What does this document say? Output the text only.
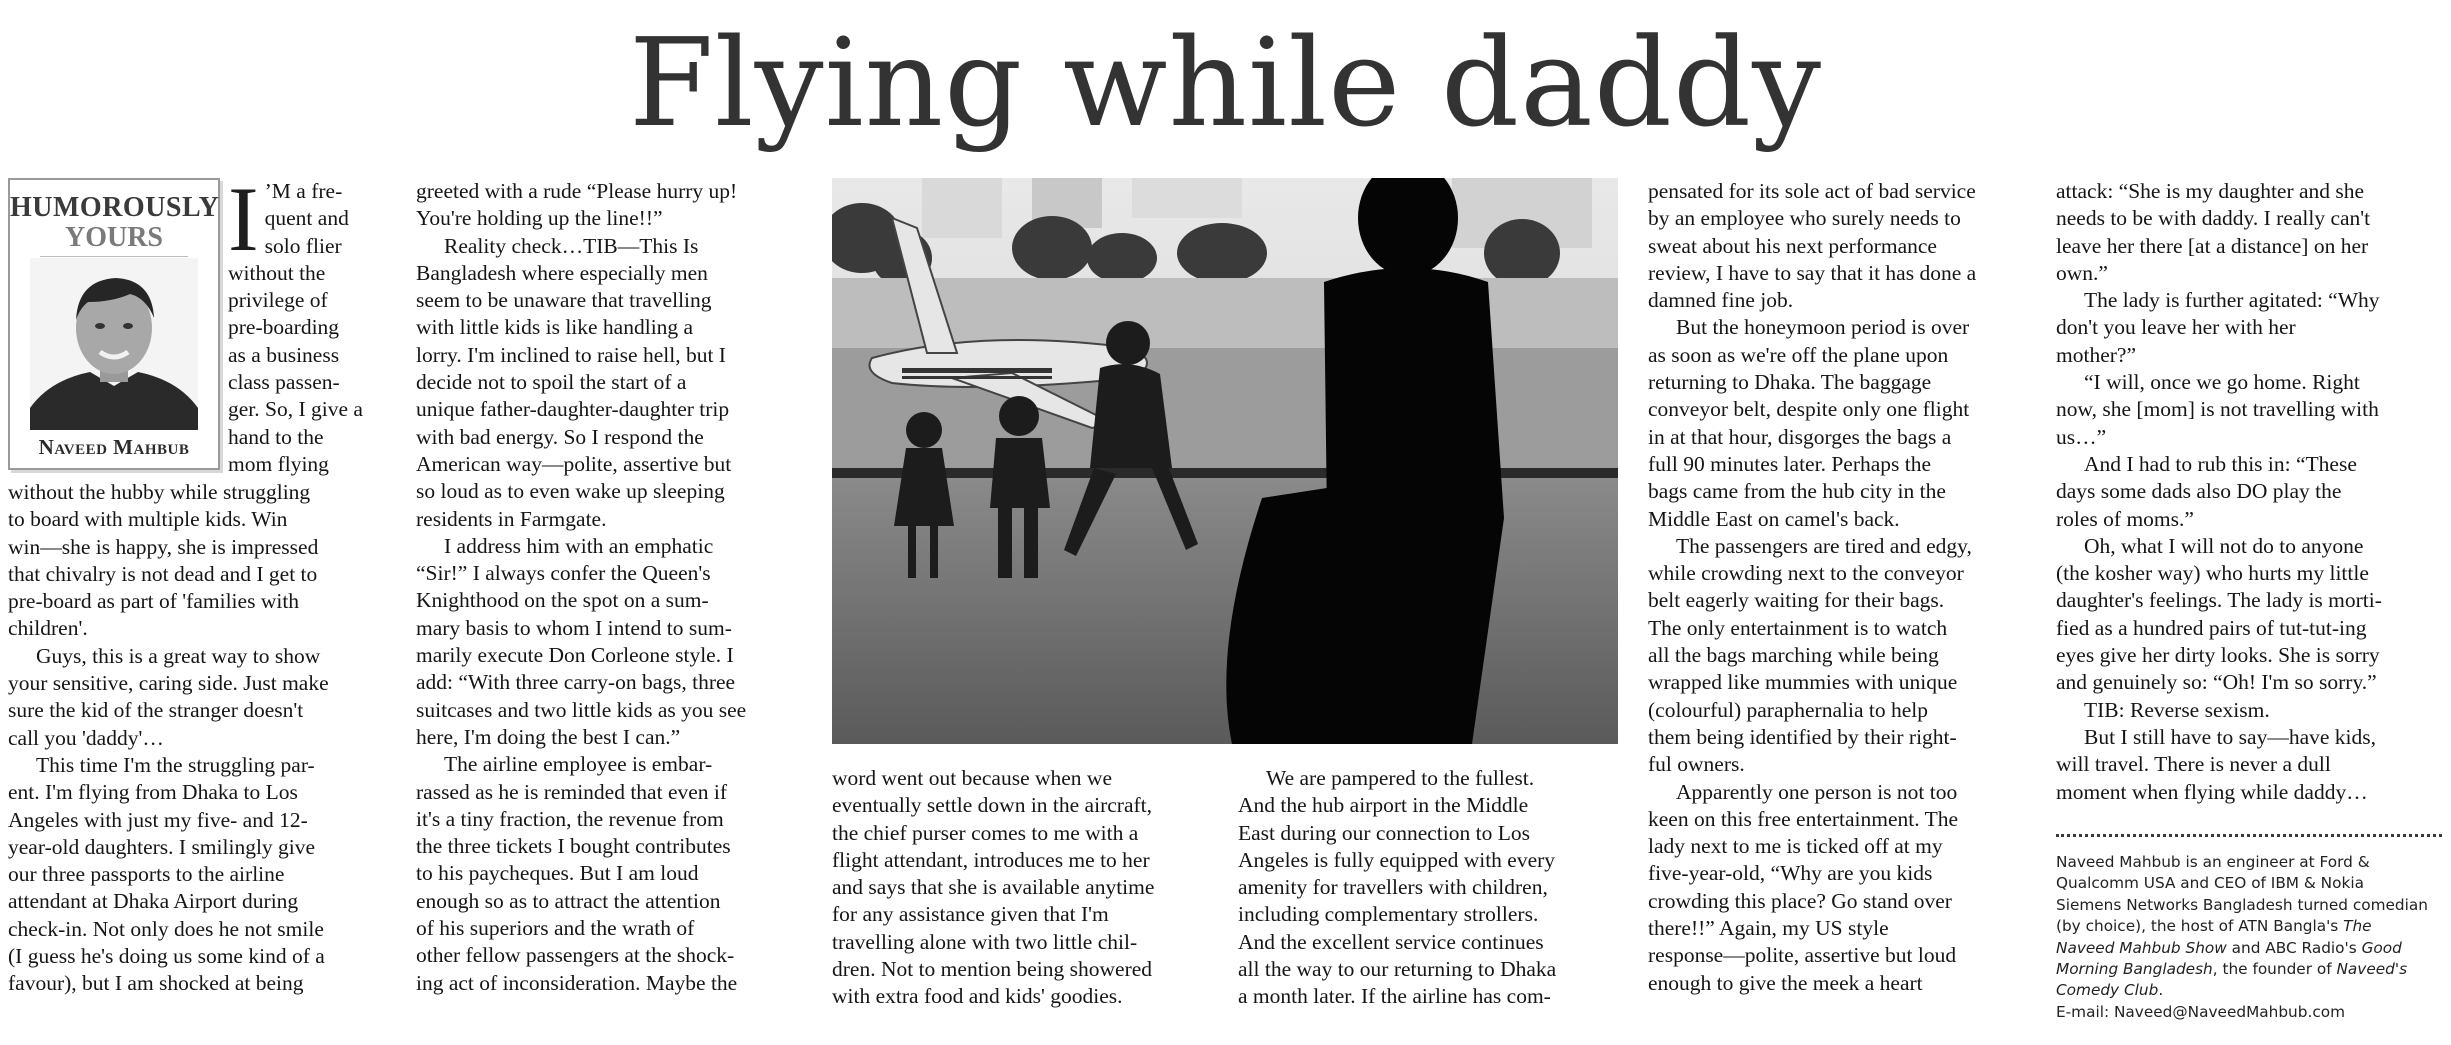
Flying while daddy
HUMOROUSLY
YOURS
Naveed Mahbub
I ’M a fre-

quent and

solo flier

without the

privilege of

pre-boarding

as a business

class passen-

ger. So, I give a

hand to the

mom flying

without the hubby while struggling

to board with multiple kids. Win

win—she is happy, she is impressed

that chivalry is not dead and I get to

pre-board as part of 'families with

children'.

Guys, this is a great way to show

your sensitive, caring side. Just make

sure the kid of the stranger doesn't

call you 'daddy'…

This time I'm the struggling par-

ent. I'm flying from Dhaka to Los

Angeles with just my five- and 12-

year-old daughters. I smilingly give

our three passports to the airline

attendant at Dhaka Airport during

check-in. Not only does he not smile

(I guess he's doing us some kind of a

favour), but I am shocked at being

greeted with a rude “Please hurry up!

You're holding up the line!!”

Reality check…TIB—This Is

Bangladesh where especially men

seem to be unaware that travelling

with little kids is like handling a

lorry. I'm inclined to raise hell, but I

decide not to spoil the start of a

unique father-daughter-daughter trip

with bad energy. So I respond the

American way—polite, assertive but

so loud as to even wake up sleeping

residents in Farmgate.

I address him with an emphatic

“Sir!” I always confer the Queen's

Knighthood on the spot on a sum-

mary basis to whom I intend to sum-

marily execute Don Corleone style. I

add: “With three carry-on bags, three

suitcases and two little kids as you see

here, I'm doing the best I can.”

The airline employee is embar-

rassed as he is reminded that even if

it's a tiny fraction, the revenue from

the three tickets I bought contributes

to his paycheques. But I am loud

enough so as to attract the attention

of his superiors and the wrath of

other fellow passengers at the shock-

ing act of inconsideration. Maybe the

word went out because when we

eventually settle down in the aircraft,

the chief purser comes to me with a

flight attendant, introduces me to her

and says that she is available anytime

for any assistance given that I'm

travelling alone with two little chil-

dren. Not to mention being showered

with extra food and kids' goodies.

We are pampered to the fullest.

And the hub airport in the Middle

East during our connection to Los

Angeles is fully equipped with every

amenity for travellers with children,

including complementary strollers.

And the excellent service continues

all the way to our returning to Dhaka

a month later. If the airline has com-

pensated for its sole act of bad service

by an employee who surely needs to

sweat about his next performance

review, I have to say that it has done a

damned fine job.

But the honeymoon period is over

as soon as we're off the plane upon

returning to Dhaka. The baggage

conveyor belt, despite only one flight

in at that hour, disgorges the bags a

full 90 minutes later. Perhaps the

bags came from the hub city in the

Middle East on camel's back.

The passengers are tired and edgy,

while crowding next to the conveyor

belt eagerly waiting for their bags.

The only entertainment is to watch

all the bags marching while being

wrapped like mummies with unique

(colourful) paraphernalia to help

them being identified by their right-

ful owners.

Apparently one person is not too

keen on this free entertainment. The

lady next to me is ticked off at my

five-year-old, “Why are you kids

crowding this place? Go stand over

there!!” Again, my US style

response—polite, assertive but loud

enough to give the meek a heart

attack: “She is my daughter and she

needs to be with daddy. I really can't

leave her there [at a distance] on her

own.”

The lady is further agitated: “Why

don't you leave her with her

mother?”

“I will, once we go home. Right

now, she [mom] is not travelling with

us…”

And I had to rub this in: “These

days some dads also DO play the

roles of moms.”

Oh, what I will not do to anyone

(the kosher way) who hurts my little

daughter's feelings. The lady is morti-

fied as a hundred pairs of tut-tut-ing

eyes give her dirty looks. She is sorry

and genuinely so: “Oh! I'm so sorry.”

TIB: Reverse sexism.

But I still have to say—have kids,

will travel. There is never a dull

moment when flying while daddy…

Naveed Mahbub is an engineer at Ford &
Qualcomm USA and CEO of IBM & Nokia
Siemens Networks Bangladesh turned comedian
(by choice), the host of ATN Bangla's The
Naveed Mahbub Show and ABC Radio's Good
Morning Bangladesh, the founder of Naveed's
Comedy Club.
E-mail: Naveed@NaveedMahbub.com
